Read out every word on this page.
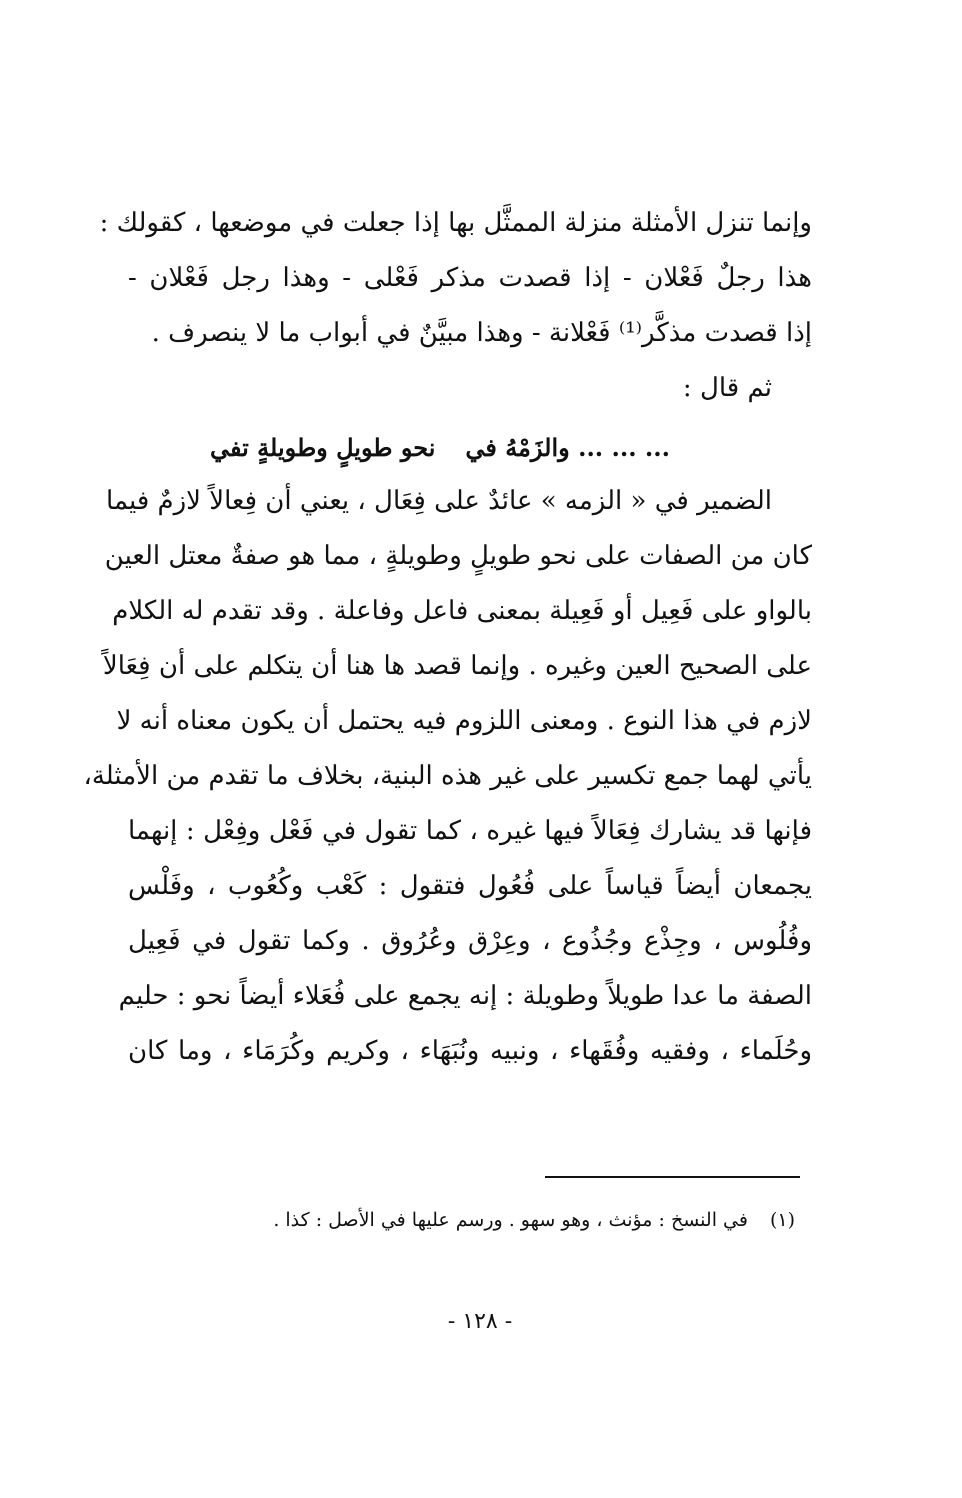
وإنما تنزل الأمثلة منزلة الممثَّل بها إذا جعلت في موضعها ، كقولك :
هذا رجلٌ فَعْلان - إذا قصدت مذكر فَعْلى - وهذا رجل فَعْلان -
إذا قصدت مذكَّر⁽¹⁾ فَعْلانة - وهذا مبيَّنٌ في أبواب ما لا ينصرف .
ثم قال :
... ... ... والزَمْهُ في
نحو طويلٍ وطويلةٍ تفي
الضمير في « الزمه » عائدٌ على فِعَال ، يعني أن فِعالاً لازمٌ فيما
كان من الصفات على نحو طويلٍ وطويلةٍ ، مما هو صفةٌ معتل العين
بالواو على فَعِيل أو فَعِيلة بمعنى فاعل وفاعلة . وقد تقدم له الكلام
على الصحيح العين وغيره . وإنما قصد ها هنا أن يتكلم على أن فِعَالاً
لازم في هذا النوع . ومعنى اللزوم فيه يحتمل أن يكون معناه أنه لا
يأتي لهما جمع تكسير على غير هذه البنية، بخلاف ما تقدم من الأمثلة،
فإنها قد يشارك فِعَالاً فيها غيره ، كما تقول في فَعْل وفِعْل : إنهما
يجمعان أيضاً قياساً على فُعُول فتقول : كَعْب وكُعُوب ، وفَلْس
وفُلُوس ، وجِذْع وجُذُوع ، وعِرْق وعُرُوق . وكما تقول في فَعِيل
الصفة ما عدا طويلاً وطويلة : إنه يجمع على فُعَلاء أيضاً نحو : حليم
وحُلَماء ، وفقيه وفُقَهاء ، ونبيه ونُبَهَاء ، وكريم وكُرَمَاء ، وما كان
(١)في النسخ : مؤنث ، وهو سهو . ورسم عليها في الأصل : كذا .
- ١٢٨ -
